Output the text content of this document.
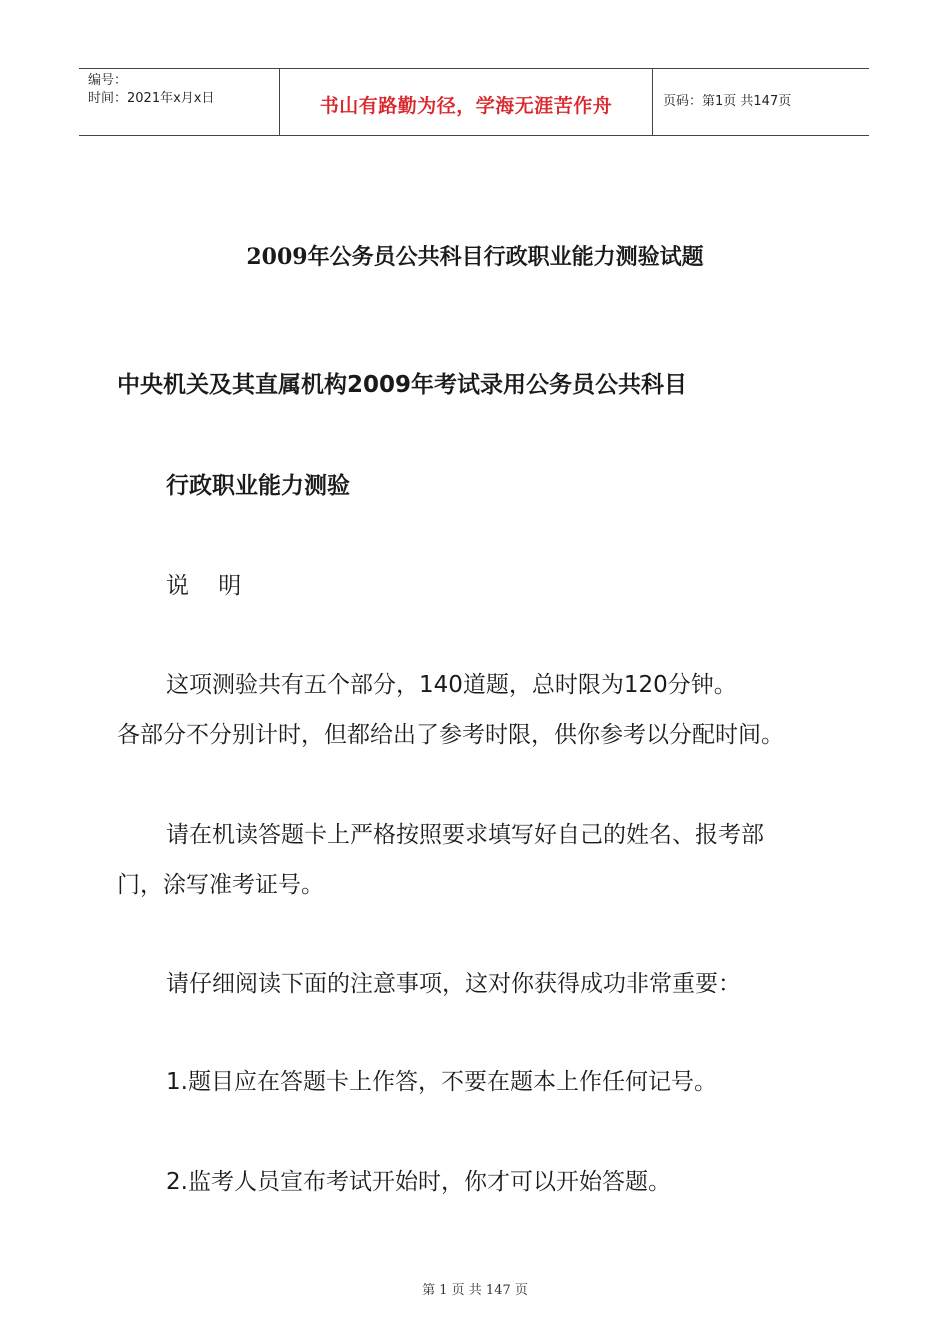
编号：
时间：2021年x月x日	书山有路勤为径，学海无涯苦作舟	页码：第1页 共147页
2009年公务员公共科目行政职业能力测验试题
中央机关及其直属机构2009年考试录用公务员公共科目
行政职业能力测验
说    明
这项测验共有五个部分，140道题，总时限为120分钟。
各部分不分别计时，但都给出了参考时限，供你参考以分配时间。
请在机读答题卡上严格按照要求填写好自己的姓名、报考部
门，涂写准考证号。
请仔细阅读下面的注意事项，这对你获得成功非常重要：
1.题目应在答题卡上作答，不要在题本上作任何记号。
2.监考人员宣布考试开始时，你才可以开始答题。
第 1 页 共 147 页
